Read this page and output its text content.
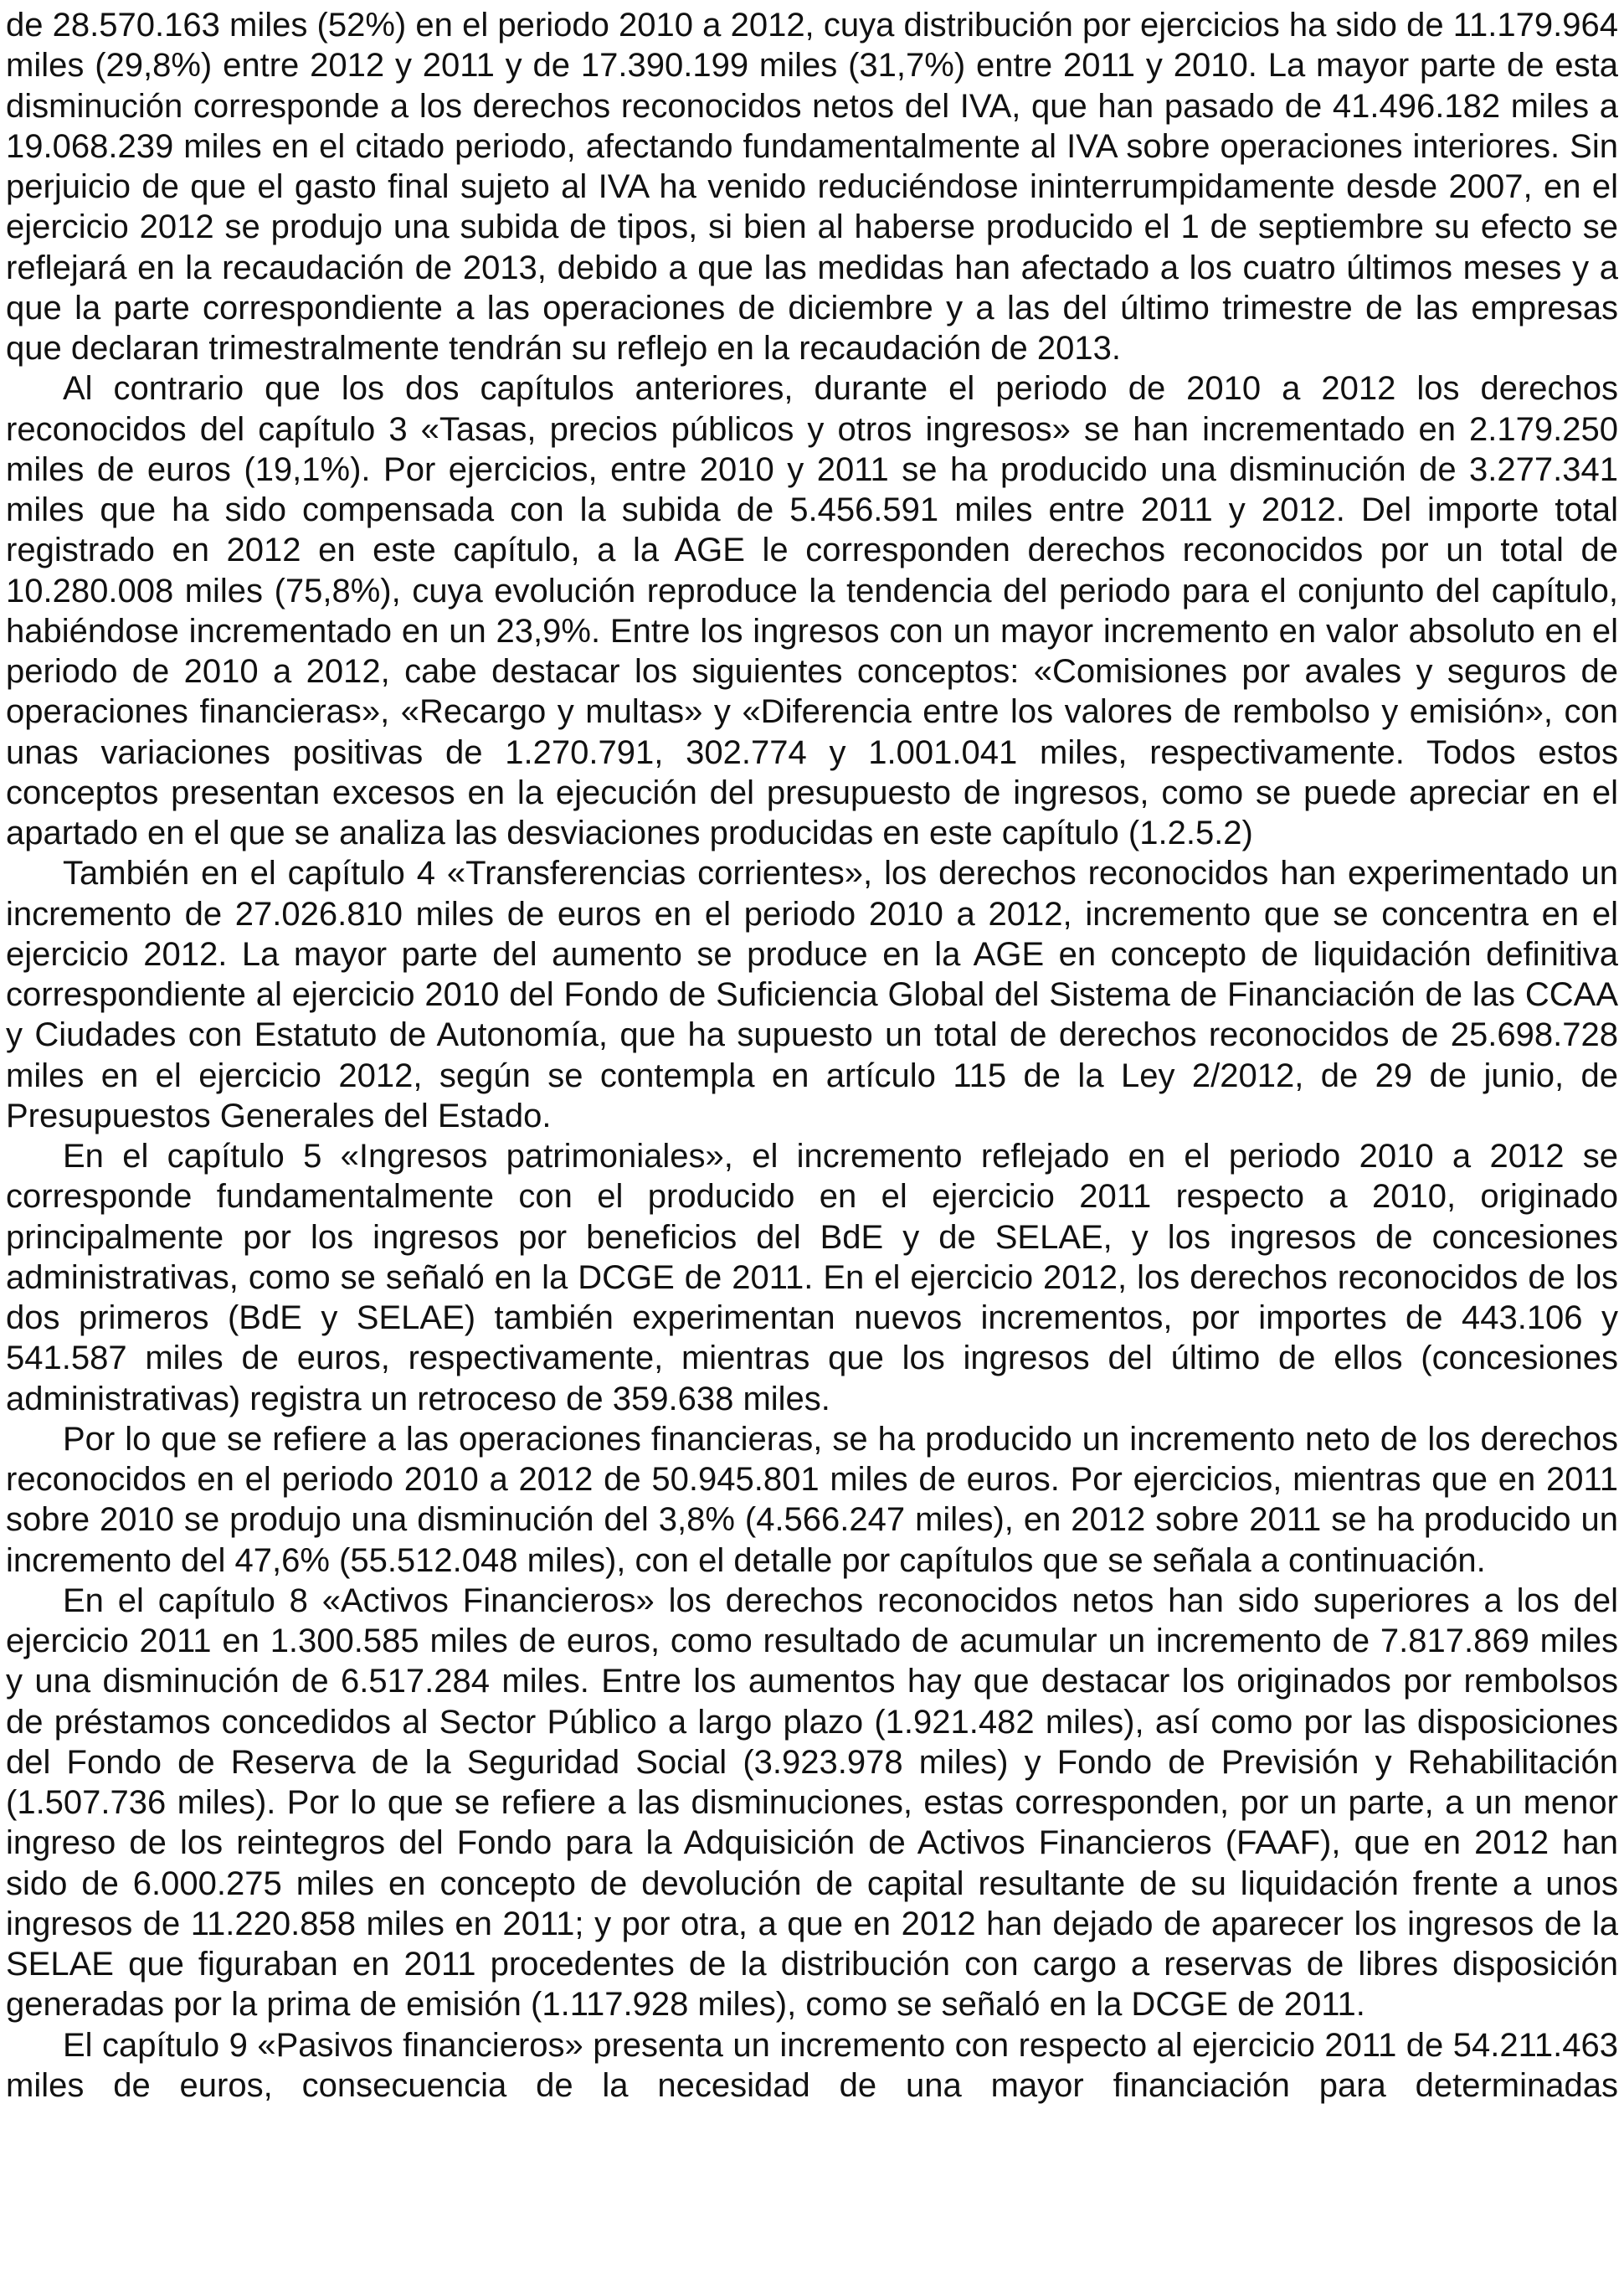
de 28.570.163 miles (52%) en el periodo 2010 a 2012, cuya distribución por ejercicios ha sido de 11.179.964 miles (29,8%) entre 2012 y 2011 y de 17.390.199 miles (31,7%) entre 2011 y 2010. La mayor parte de esta disminución corresponde a los derechos reconocidos netos del IVA, que han pasado de 41.496.182 miles a 19.068.239 miles en el citado periodo, afectando fundamentalmente al IVA sobre operaciones interiores. Sin perjuicio de que el gasto final sujeto al IVA ha venido reduciéndose ininterrumpidamente desde 2007, en el ejercicio 2012 se produjo una subida de tipos, si bien al haberse producido el 1 de septiembre su efecto se reflejará en la recaudación de 2013, debido a que las medidas han afectado a los cuatro últimos meses y a que la parte correspondiente a las operaciones de diciembre y a las del último trimestre de las empresas que declaran trimestralmente tendrán su reflejo en la recaudación de 2013.

Al contrario que los dos capítulos anteriores, durante el periodo de 2010 a 2012 los derechos reconocidos del capítulo 3 «Tasas, precios públicos y otros ingresos» se han incrementado en 2.179.250 miles de euros (19,1%). Por ejercicios, entre 2010 y 2011 se ha producido una disminución de 3.277.341 miles que ha sido compensada con la subida de 5.456.591 miles entre 2011 y 2012. Del importe total registrado en 2012 en este capítulo, a la AGE le corresponden derechos reconocidos por un total de 10.280.008 miles (75,8%), cuya evolución reproduce la tendencia del periodo para el conjunto del capítulo, habiéndose incrementado en un 23,9%. Entre los ingresos con un mayor incremento en valor absoluto en el periodo de 2010 a 2012, cabe destacar los siguientes conceptos: «Comisiones por avales y seguros de operaciones financieras», «Recargo y multas» y «Diferencia entre los valores de rembolso y emisión», con unas variaciones positivas de 1.270.791, 302.774 y 1.001.041 miles, respectivamente. Todos estos conceptos presentan excesos en la ejecución del presupuesto de ingresos, como se puede apreciar en el apartado en el que se analiza las desviaciones producidas en este capítulo (1.2.5.2)

También en el capítulo 4 «Transferencias corrientes», los derechos reconocidos han experimentado un incremento de 27.026.810 miles de euros en el periodo 2010 a 2012, incremento que se concentra en el ejercicio 2012. La mayor parte del aumento se produce en la AGE en concepto de liquidación definitiva correspondiente al ejercicio 2010 del Fondo de Suficiencia Global del Sistema de Financiación de las CCAA y Ciudades con Estatuto de Autonomía, que ha supuesto un total de derechos reconocidos de 25.698.728 miles en el ejercicio 2012, según se contempla en artículo 115 de la Ley 2/2012, de 29 de junio, de Presupuestos Generales del Estado.

En el capítulo 5 «Ingresos patrimoniales», el incremento reflejado en el periodo 2010 a 2012 se corresponde fundamentalmente con el producido en el ejercicio 2011 respecto a 2010, originado principalmente por los ingresos por beneficios del BdE y de SELAE, y los ingresos de concesiones administrativas, como se señaló en la DCGE de 2011. En el ejercicio 2012, los derechos reconocidos de los dos primeros (BdE y SELAE) también experimentan nuevos incrementos, por importes de 443.106 y 541.587 miles de euros, respectivamente, mientras que los ingresos del último de ellos (concesiones administrativas) registra un retroceso de 359.638 miles.

Por lo que se refiere a las operaciones financieras, se ha producido un incremento neto de los derechos reconocidos en el periodo 2010 a 2012 de 50.945.801 miles de euros. Por ejercicios, mientras que en 2011 sobre 2010 se produjo una disminución del 3,8% (4.566.247 miles), en 2012 sobre 2011 se ha producido un incremento del 47,6% (55.512.048 miles), con el detalle por capítulos que se señala a continuación.

En el capítulo 8 «Activos Financieros» los derechos reconocidos netos han sido superiores a los del ejercicio 2011 en 1.300.585 miles de euros, como resultado de acumular un incremento de 7.817.869 miles y una disminución de 6.517.284 miles. Entre los aumentos hay que destacar los originados por rembolsos de préstamos concedidos al Sector Público a largo plazo (1.921.482 miles), así como por las disposiciones del Fondo de Reserva de la Seguridad Social (3.923.978 miles) y Fondo de Previsión y Rehabilitación (1.507.736 miles). Por lo que se refiere a las disminuciones, estas corresponden, por un parte, a un menor ingreso de los reintegros del Fondo para la Adquisición de Activos Financieros (FAAF), que en 2012 han sido de 6.000.275 miles en concepto de devolución de capital resultante de su liquidación frente a unos ingresos de 11.220.858 miles en 2011; y por otra, a que en 2012 han dejado de aparecer los ingresos de la SELAE que figuraban en 2011 procedentes de la distribución con cargo a reservas de libres disposición generadas por la prima de emisión (1.117.928 miles), como se señaló en la DCGE de 2011.

El capítulo 9 «Pasivos financieros» presenta un incremento con respecto al ejercicio 2011 de 54.211.463 miles de euros, consecuencia de la necesidad de una mayor financiación para determinadas
